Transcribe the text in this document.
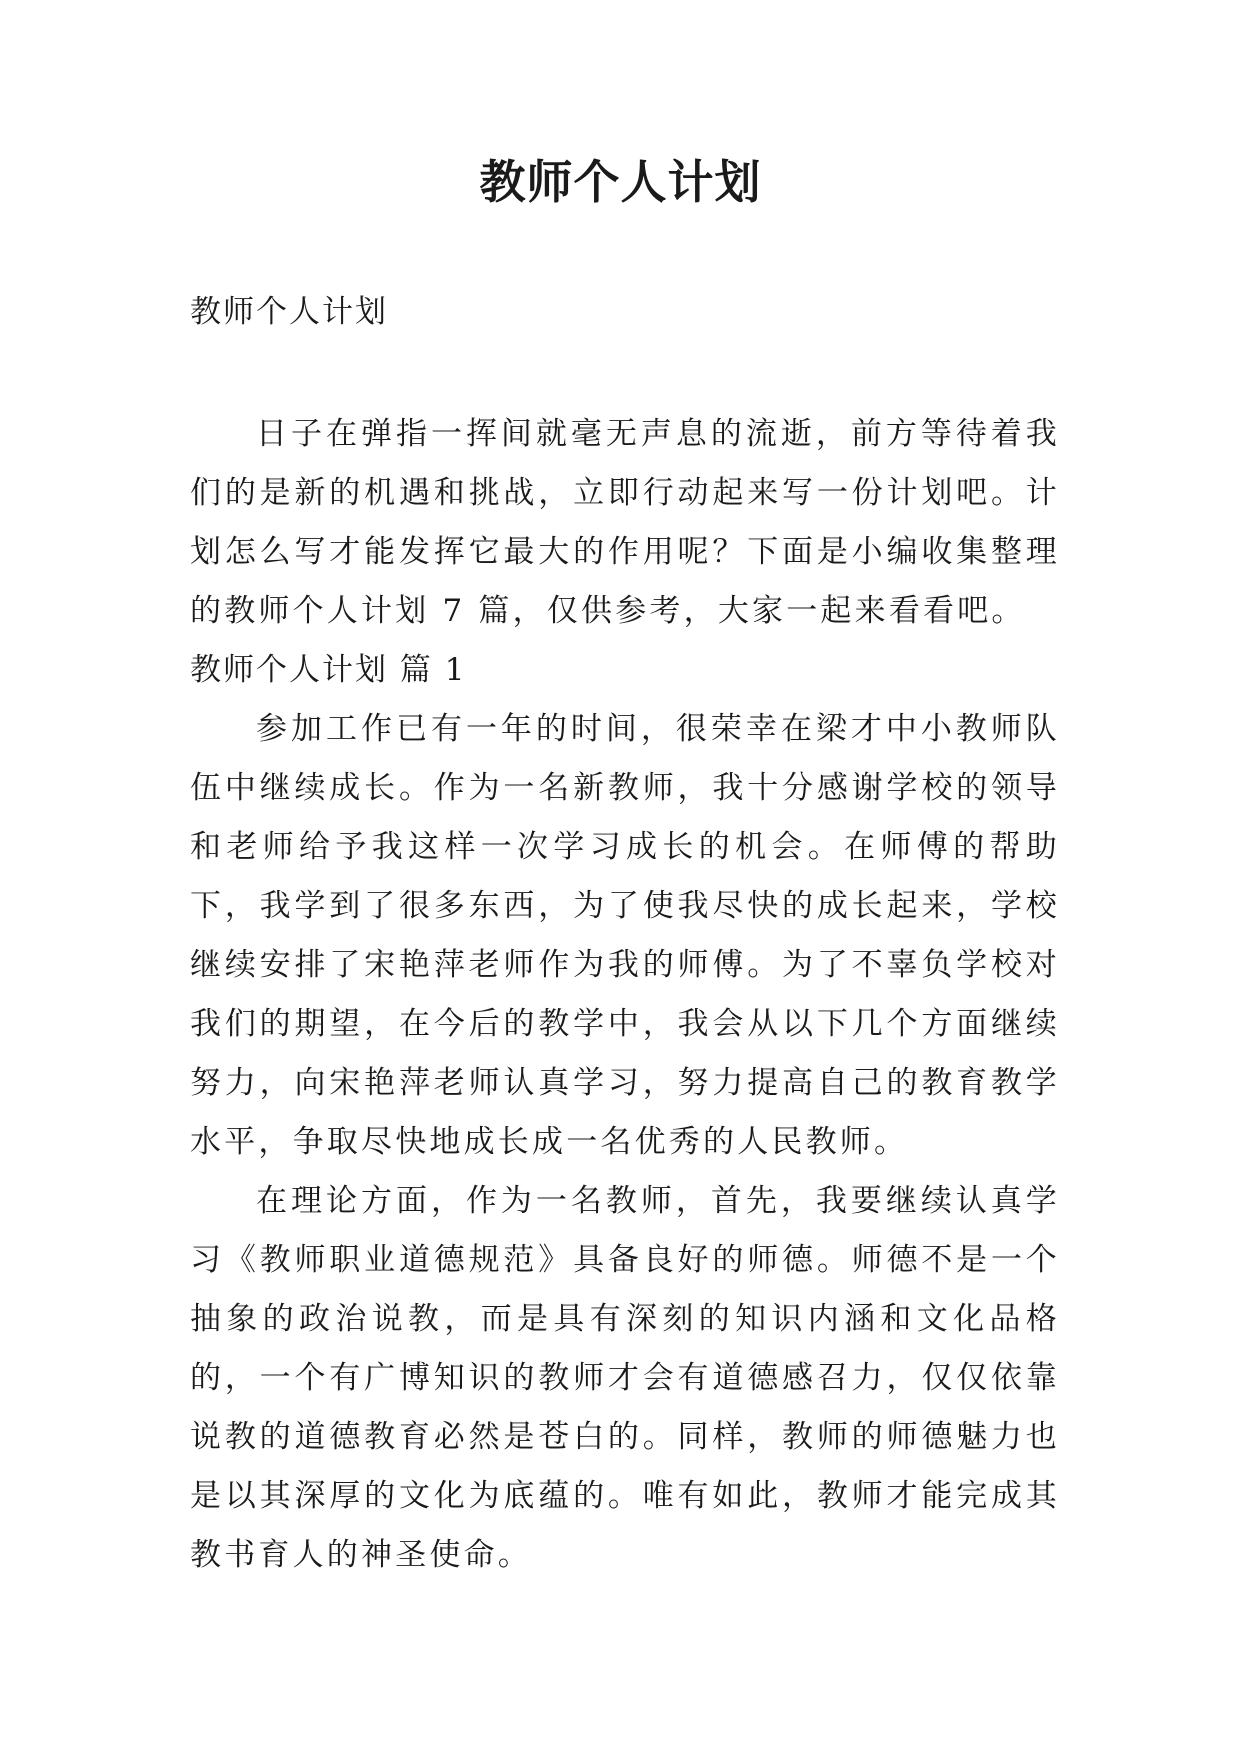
教师个人计划

教师个人计划

日子在弹指一挥间就毫无声息的流逝，前方等待着我们的是新的机遇和挑战，立即行动起来写一份计划吧。计划怎么写才能发挥它最大的作用呢？下面是小编收集整理的教师个人计划 7 篇，仅供参考，大家一起来看看吧。

教师个人计划 篇 1

参加工作已有一年的时间，很荣幸在梁才中小教师队伍中继续成长。作为一名新教师，我十分感谢学校的领导和老师给予我这样一次学习成长的机会。在师傅的帮助下，我学到了很多东西，为了使我尽快的成长起来，学校继续安排了宋艳萍老师作为我的师傅。为了不辜负学校对我们的期望，在今后的教学中，我会从以下几个方面继续努力，向宋艳萍老师认真学习，努力提高自己的教育教学水平，争取尽快地成长成一名优秀的人民教师。

在理论方面，作为一名教师，首先，我要继续认真学习《教师职业道德规范》具备良好的师德。师德不是一个抽象的政治说教，而是具有深刻的知识内涵和文化品格的，一个有广博知识的教师才会有道德感召力，仅仅依靠说教的道德教育必然是苍白的。同样，教师的师德魅力也是以其深厚的文化为底蕴的。唯有如此，教师才能完成其教书育人的神圣使命。
